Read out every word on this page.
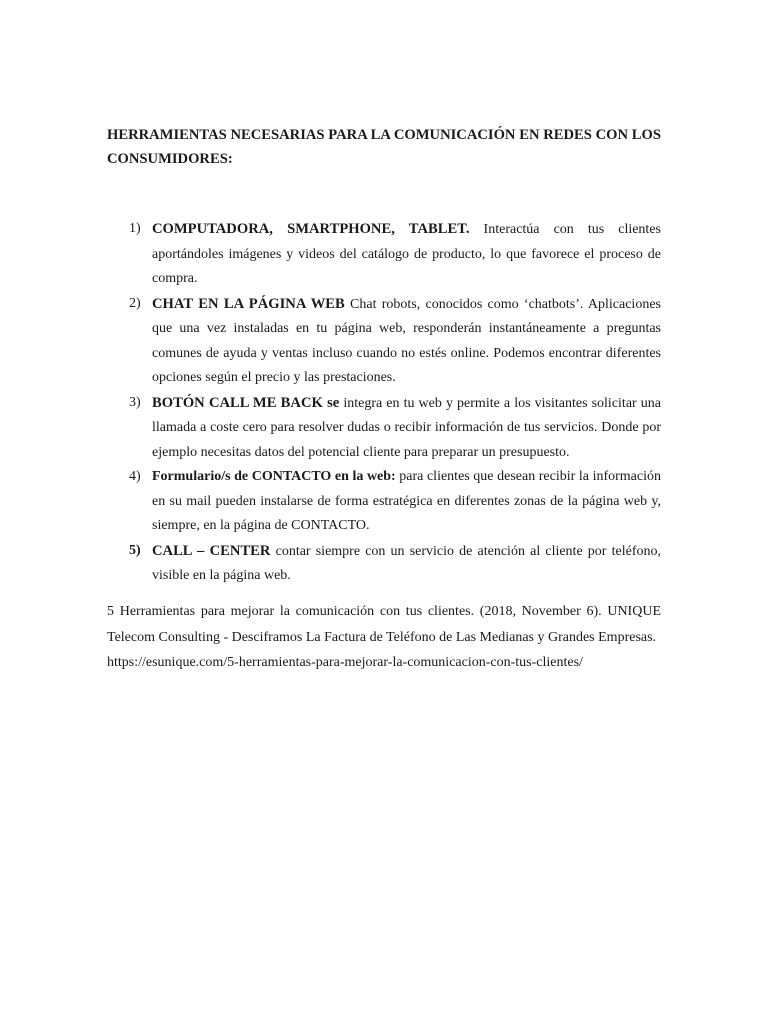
HERRAMIENTAS NECESARIAS PARA LA COMUNICACIÓN EN REDES CON LOS CONSUMIDORES:

1) COMPUTADORA, SMARTPHONE, TABLET. Interactúa con tus clientes aportándoles imágenes y videos del catálogo de producto, lo que favorece el proceso de compra.
2) CHAT EN LA PÁGINA WEB Chat robots, conocidos como ‘chatbots’. Aplicaciones que una vez instaladas en tu página web, responderán instantáneamente a preguntas comunes de ayuda y ventas incluso cuando no estés online. Podemos encontrar diferentes opciones según el precio y las prestaciones.
3) BOTÓN CALL ME BACK se integra en tu web y permite a los visitantes solicitar una llamada a coste cero para resolver dudas o recibir información de tus servicios. Donde por ejemplo necesitas datos del potencial cliente para preparar un presupuesto.
4) Formulario/s de CONTACTO en la web: para clientes que desean recibir la información en su mail pueden instalarse de forma estratégica en diferentes zonas de la página web y, siempre, en la página de CONTACTO.
5) CALL – CENTER contar siempre con un servicio de atención al cliente por teléfono, visible en la página web.

5 Herramientas para mejorar la comunicación con tus clientes. (2018, November 6). UNIQUE Telecom Consulting - Desciframos La Factura de Teléfono de Las Medianas y Grandes Empresas.
https://esunique.com/5-herramientas-para-mejorar-la-comunicacion-con-tus-clientes/
